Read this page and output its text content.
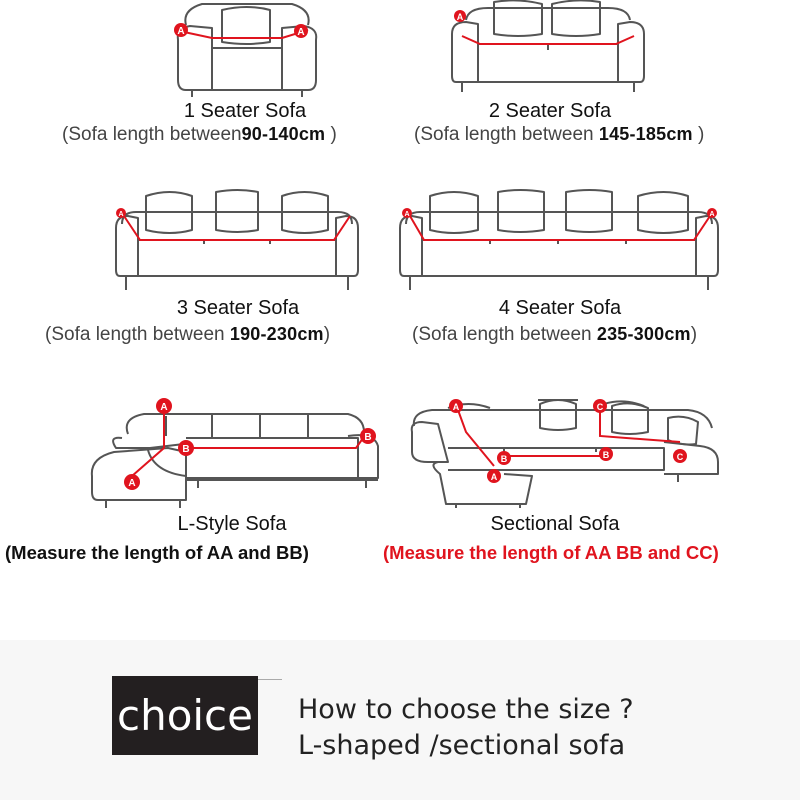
A	A
1 Seater Sofa
(Sofa length between90-140cm )
A
2 Seater Sofa
(Sofa length between 145-185cm )
A
3 Seater Sofa
(Sofa length between 190-230cm)
A	A
4 Seater Sofa
(Sofa length between 235-300cm)
A
A
B
B
L-Style Sofa
(Measure the length of AA and BB)
A
A
B	B
C
C
Sectional Sofa
(Measure the length of AA BB and CC)
choice How to choose the size ?
L-shaped /sectional sofa
